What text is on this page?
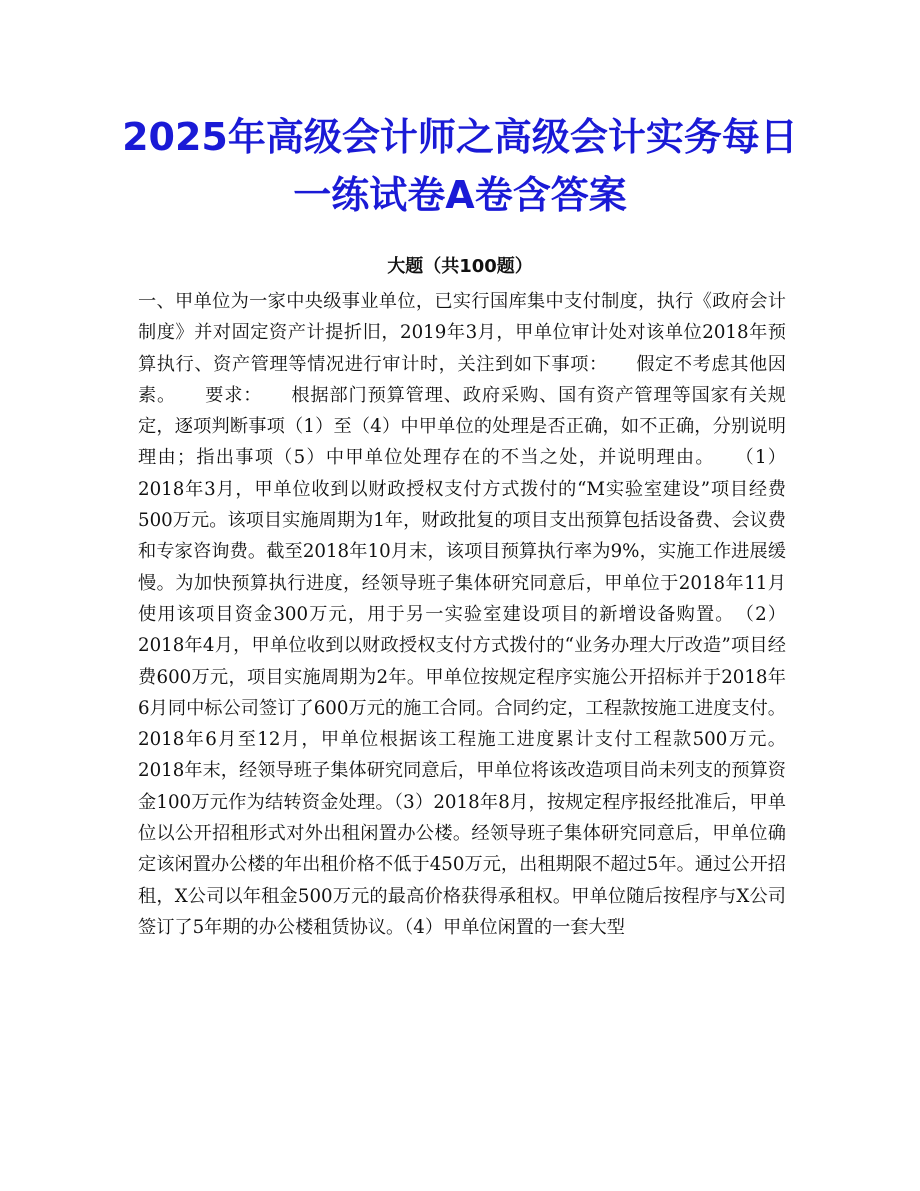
2025年高级会计师之高级会计实务每日一练试卷A卷含答案
大题（共100题）

一、甲单位为一家中央级事业单位，已实行国库集中支付制度，执行《政府会计制度》并对固定资产计提折旧，2019年3月，甲单位审计处对该单位2018年预算执行、资产管理等情况进行审计时，关注到如下事项：　　假定不考虑其他因素。　　要求：　　根据部门预算管理、政府采购、国有资产管理等国家有关规定，逐项判断事项（1）至（4）中甲单位的处理是否正确，如不正确，分别说明理由；指出事项（5）中甲单位处理存在的不当之处，并说明理由。　　（1）2018年3月，甲单位收到以财政授权支付方式拨付的“M实验室建设”项目经费500万元。该项目实施周期为1年，财政批复的项目支出预算包括设备费、会议费和专家咨询费。截至2018年10月末，该项目预算执行率为9%，实施工作进展缓慢。为加快预算执行进度，经领导班子集体研究同意后，甲单位于2018年11月使用该项目资金300万元，用于另一实验室建设项目的新增设备购置。　（2）2018年4月，甲单位收到以财政授权支付方式拨付的“业务办理大厅改造”项目经费600万元，项目实施周期为2年。甲单位按规定程序实施公开招标并于2018年6月同中标公司签订了600万元的施工合同。合同约定，工程款按施工进度支付。2018年6月至12月，甲单位根据该工程施工进度累计支付工程款500万元。2018年末，经领导班子集体研究同意后，甲单位将该改造项目尚未列支的预算资金100万元作为结转资金处理。（3）2018年8月，按规定程序报经批准后，甲单位以公开招租形式对外出租闲置办公楼。经领导班子集体研究同意后，甲单位确定该闲置办公楼的年出租价格不低于450万元，出租期限不超过5年。通过公开招租，X公司以年租金500万元的最高价格获得承租权。甲单位随后按程序与X公司签订了5年期的办公楼租赁协议。（4）甲单位闲置的一套大型
